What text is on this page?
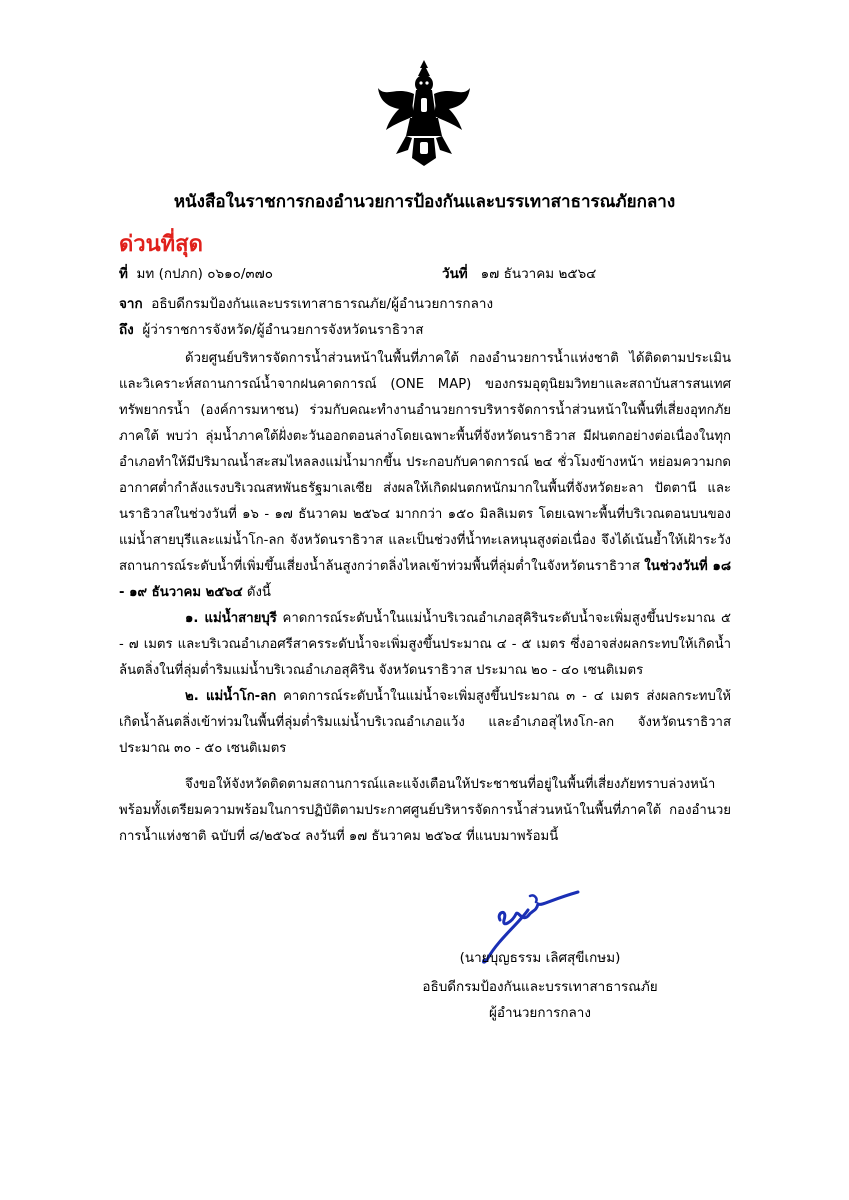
หนังสือในราชการกองอำนวยการป้องกันและบรรเทาสาธารณภัยกลาง
ด่วนที่สุด
ที่ มท (กปภก) ๐๖๑๐/๓๗๐	วันที่ ๑๗ ธันวาคม ๒๕๖๔
จาก อธิบดีกรมป้องกันและบรรเทาสาธารณภัย/ผู้อำนวยการกลาง
ถึง ผู้ว่าราชการจังหวัด/ผู้อำนวยการจังหวัดนราธิวาส

ด้วยศูนย์บริหารจัดการน้ำส่วนหน้าในพื้นที่ภาคใต้ กองอำนวยการน้ำแห่งชาติ ได้ติดตามประเมินและวิเคราะห์สถานการณ์น้ำจากฝนคาดการณ์ (ONE MAP) ของกรมอุตุนิยมวิทยาและสถาบันสารสนเทศทรัพยากรน้ำ (องค์การมหาชน) ร่วมกับคณะทำงานอำนวยการบริหารจัดการน้ำส่วนหน้าในพื้นที่เสี่ยงอุทกภัยภาคใต้ พบว่า ลุ่มน้ำภาคใต้ฝั่งตะวันออกตอนล่างโดยเฉพาะพื้นที่จังหวัดนราธิวาส มีฝนตกอย่างต่อเนื่องในทุกอำเภอทำให้มีปริมาณน้ำสะสมไหลลงแม่น้ำมากขึ้น ประกอบกับคาดการณ์ ๒๔ ชั่วโมงข้างหน้า หย่อมความกดอากาศต่ำกำลังแรงบริเวณสหพันธรัฐมาเลเซีย ส่งผลให้เกิดฝนตกหนักมากในพื้นที่จังหวัดยะลา ปัตตานี และนราธิวาสในช่วงวันที่ ๑๖ - ๑๗ ธันวาคม ๒๕๖๔ มากกว่า ๑๕๐ มิลลิเมตร โดยเฉพาะพื้นที่บริเวณตอนบนของแม่น้ำสายบุรีและแม่น้ำโก-ลก จังหวัดนราธิวาส และเป็นช่วงที่น้ำทะเลหนุนสูงต่อเนื่อง จึงได้เน้นย้ำให้เฝ้าระวังสถานการณ์ระดับน้ำที่เพิ่มขึ้นเสี่ยงน้ำล้นสูงกว่าตลิ่งไหลเข้าท่วมพื้นที่ลุ่มต่ำในจังหวัดนราธิวาส ในช่วงวันที่ ๑๘ - ๑๙ ธันวาคม ๒๕๖๔ ดังนี้

๑. แม่น้ำสายบุรี คาดการณ์ระดับน้ำในแม่น้ำบริเวณอำเภอสุคิรินระดับน้ำจะเพิ่มสูงขึ้นประมาณ ๕ - ๗ เมตร และบริเวณอำเภอศรีสาครระดับน้ำจะเพิ่มสูงขึ้นประมาณ ๔ - ๕ เมตร ซึ่งอาจส่งผลกระทบให้เกิดน้ำล้นตลิ่งในที่ลุ่มต่ำริมแม่น้ำบริเวณอำเภอสุคิริน จังหวัดนราธิวาส ประมาณ ๒๐ - ๔๐ เซนติเมตร

๒. แม่น้ำโก-ลก คาดการณ์ระดับน้ำในแม่น้ำจะเพิ่มสูงขึ้นประมาณ ๓ - ๔ เมตร ส่งผลกระทบให้เกิดน้ำล้นตลิ่งเข้าท่วมในพื้นที่ลุ่มต่ำริมแม่น้ำบริเวณอำเภอแว้ง และอำเภอสุไหงโก-ลก จังหวัดนราธิวาส ประมาณ ๓๐ - ๕๐ เซนติเมตร

จึงขอให้จังหวัดติดตามสถานการณ์และแจ้งเตือนให้ประชาชนที่อยู่ในพื้นที่เสี่ยงภัยทราบล่วงหน้า พร้อมทั้งเตรียมความพร้อมในการปฏิบัติตามประกาศศูนย์บริหารจัดการน้ำส่วนหน้าในพื้นที่ภาคใต้ กองอำนวยการน้ำแห่งชาติ ฉบับที่ ๘/๒๕๖๔ ลงวันที่ ๑๗ ธันวาคม ๒๕๖๔ ที่แนบมาพร้อมนี้

(นายบุญธรรม เลิศสุขีเกษม)
อธิบดีกรมป้องกันและบรรเทาสาธารณภัย
ผู้อำนวยการกลาง
